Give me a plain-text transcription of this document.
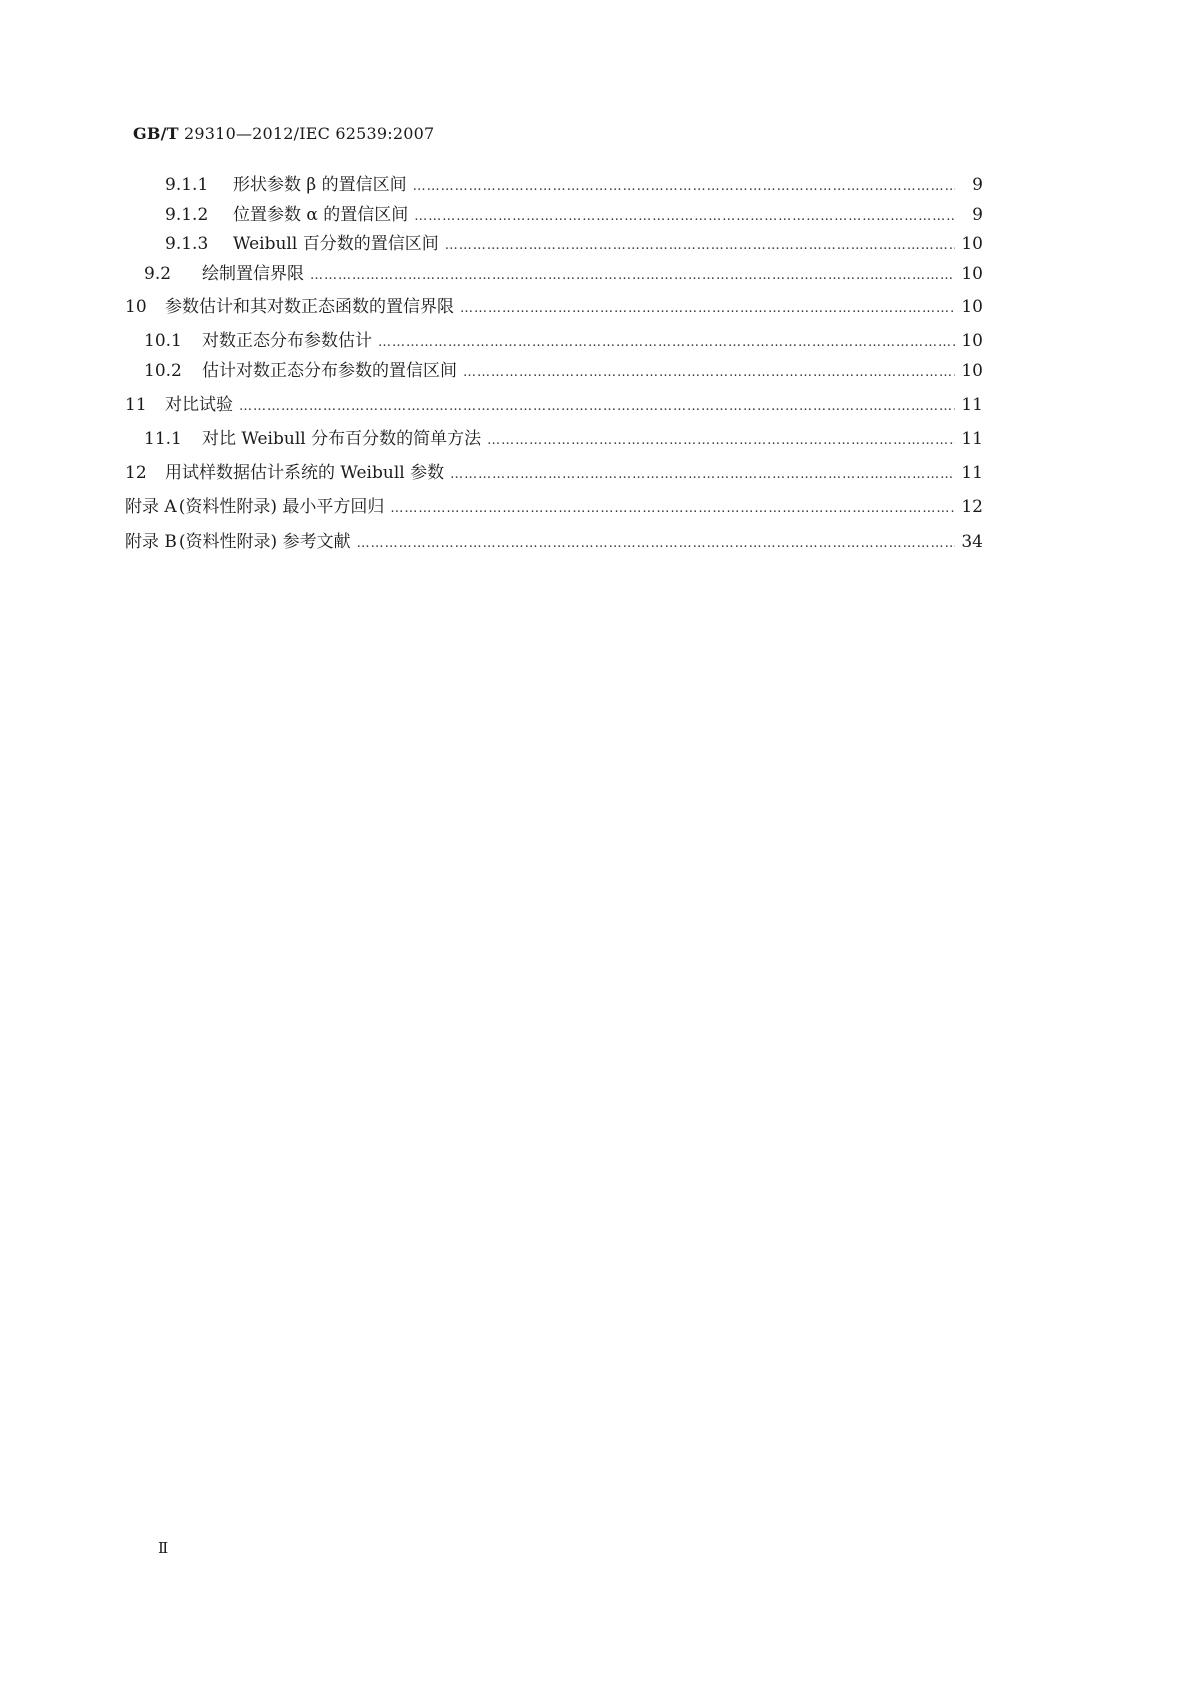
GB/T 29310—2012/IEC 62539:2007
9.1.1	形状参数 β 的置信区间 ………………………………………………………………………………………………………………………………………………………………………………………………………	9
9.1.2	位置参数 α 的置信区间 ………………………………………………………………………………………………………………………………………………………………………………………………………	9
9.1.3	Weibull 百分数的置信区间 ………………………………………………………………………………………………………………………………………………………………………………………………………	10
9.2	绘制置信界限 ………………………………………………………………………………………………………………………………………………………………………………………………………	10
10	参数估计和其对数正态函数的置信界限 ………………………………………………………………………………………………………………………………………………………………………………………………………	10
10.1	对数正态分布参数估计 ………………………………………………………………………………………………………………………………………………………………………………………………………	10
10.2	估计对数正态分布参数的置信区间 ………………………………………………………………………………………………………………………………………………………………………………………………………	10
11	对比试验 ………………………………………………………………………………………………………………………………………………………………………………………………………	11
11.1	对比 Weibull 分布百分数的简单方法 ………………………………………………………………………………………………………………………………………………………………………………………………………	11
12	用试样数据估计系统的 Weibull 参数 ………………………………………………………………………………………………………………………………………………………………………………………………………	11
附录 A (资料性附录) 最小平方回归 ………………………………………………………………………………………………………………………………………………………………………………………………………	12
附录 B (资料性附录) 参考文献 ………………………………………………………………………………………………………………………………………………………………………………………………………	34
Ⅱ
